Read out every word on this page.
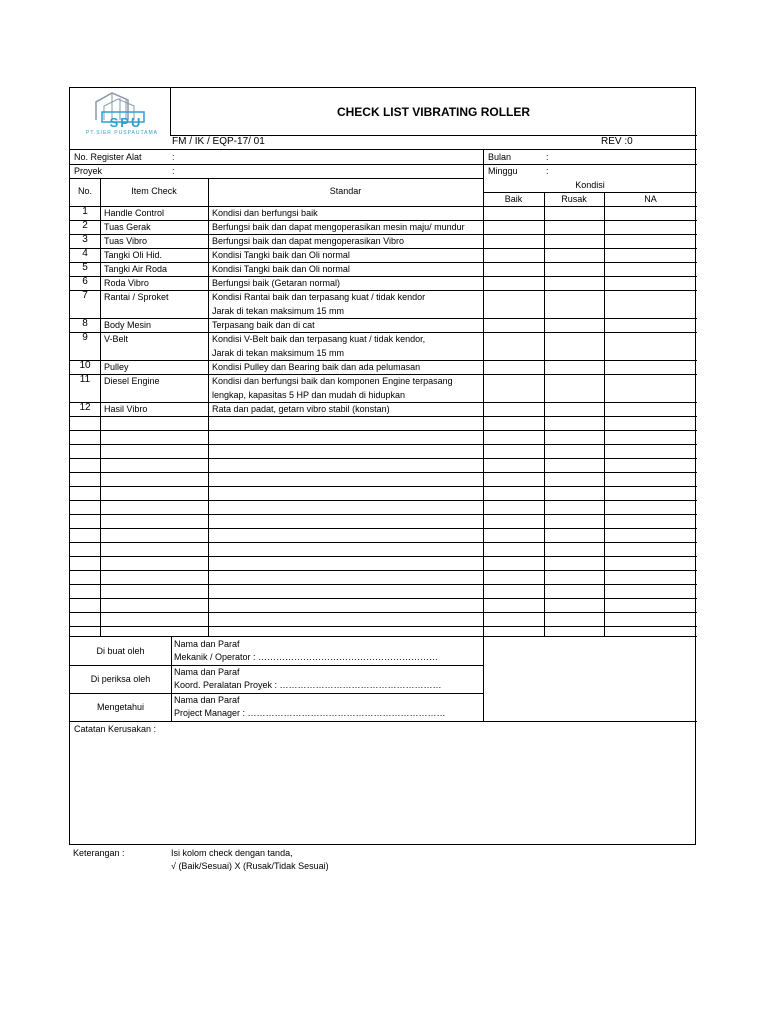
SPU
PT.SIER PUSPAUTAMA
CHECK LIST VIBRATING ROLLER
FM / IK / EQP-17/ 01	REV :0
No. Register Alat	:
Proyek	:
Bulan	:
Minggu	:
No.	Item Check	Standar
Kondisi
Baik	Rusak	NA
1	Handle Control	Kondisi dan berfungsi baik
2	Tuas Gerak	Berfungsi baik dan dapat mengoperasikan mesin maju/ mundur
3	Tuas Vibro	Berfungsi baik dan dapat mengoperasikan Vibro
4	Tangki Oli Hid.	Kondisi Tangki baik dan Oli normal
5	Tangki Air Roda	Kondisi Tangki baik dan Oli normal
6	Roda Vibro	Berfungsi baik (Getaran normal)
7	Rantai / Sproket	Kondisi Rantai baik dan terpasang kuat / tidak kendor
Jarak di tekan maksimum 15 mm
8	Body Mesin	Terpasang baik dan di cat
9	V-Belt	Kondisi V-Belt baik dan terpasang kuat / tidak kendor,
Jarak di tekan maksimum 15 mm
10	Pulley	Kondisi Pulley dan Bearing baik dan ada pelumasan
11	Diesel Engine	Kondisi dan berfungsi baik dan komponen Engine terpasang
lengkap, kapasitas 5 HP dan mudah di hidupkan
12	Hasil Vibro	Rata dan padat, getarn vibro stabil (konstan)
Di buat oleh
Nama dan Paraf
Mekanik / Operator : ……………………………………………………
Di periksa oleh
Nama dan Paraf
Koord. Peralatan Proyek : ………………………………………………
Mengetahui
Nama dan Paraf
Project Manager : …………………………………………………………
Catatan Kerusakan :
Keterangan :	Isi kolom check dengan tanda,
√ (Baik/Sesuai) X (Rusak/Tidak Sesuai)
